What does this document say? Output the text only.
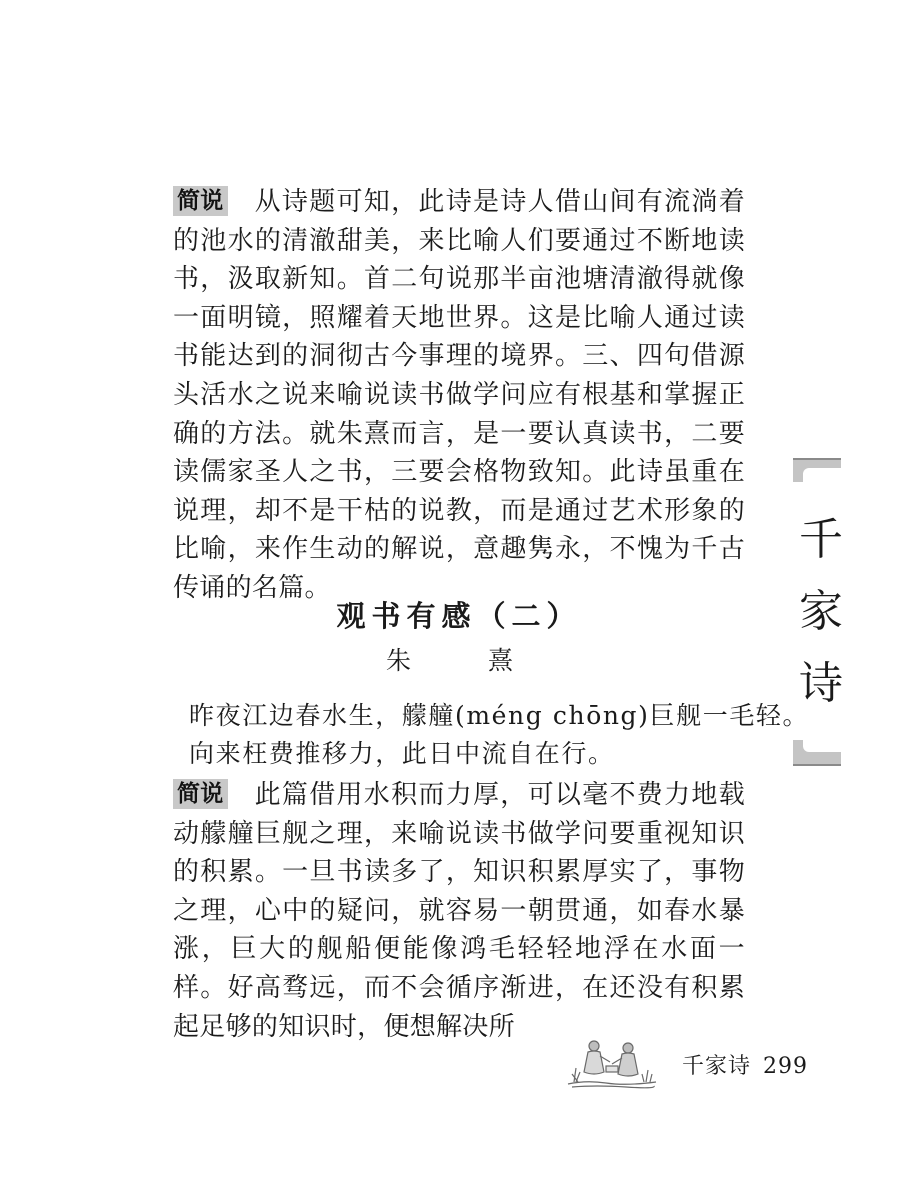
简说 从诗题可知，此诗是诗人借山间有流淌着的池水的清澈甜美，来比喻人们要通过不断地读书，汲取新知。首二句说那半亩池塘清澈得就像一面明镜，照耀着天地世界。这是比喻人通过读书能达到的洞彻古今事理的境界。三、四句借源头活水之说来喻说读书做学问应有根基和掌握正确的方法。就朱熹而言，是一要认真读书，二要读儒家圣人之书，三要会格物致知。此诗虽重在说理，却不是干枯的说教，而是通过艺术形象的比喻，来作生动的解说，意趣隽永，不愧为千古传诵的名篇。
观书有感（二）
朱　熹
昨夜江边春水生，艨艟(méng chōng)巨舰一毛轻。
向来枉费推移力，此日中流自在行。
简说 此篇借用水积而力厚，可以毫不费力地载动艨艟巨舰之理，来喻说读书做学问要重视知识的积累。一旦书读多了，知识积累厚实了，事物之理，心中的疑问，就容易一朝贯通，如春水暴涨，巨大的舰船便能像鸿毛轻轻地浮在水面一样。好高骛远，而不会循序渐进，在还没有积累起足够的知识时，便想解决所
千
家
诗
千家诗 299
